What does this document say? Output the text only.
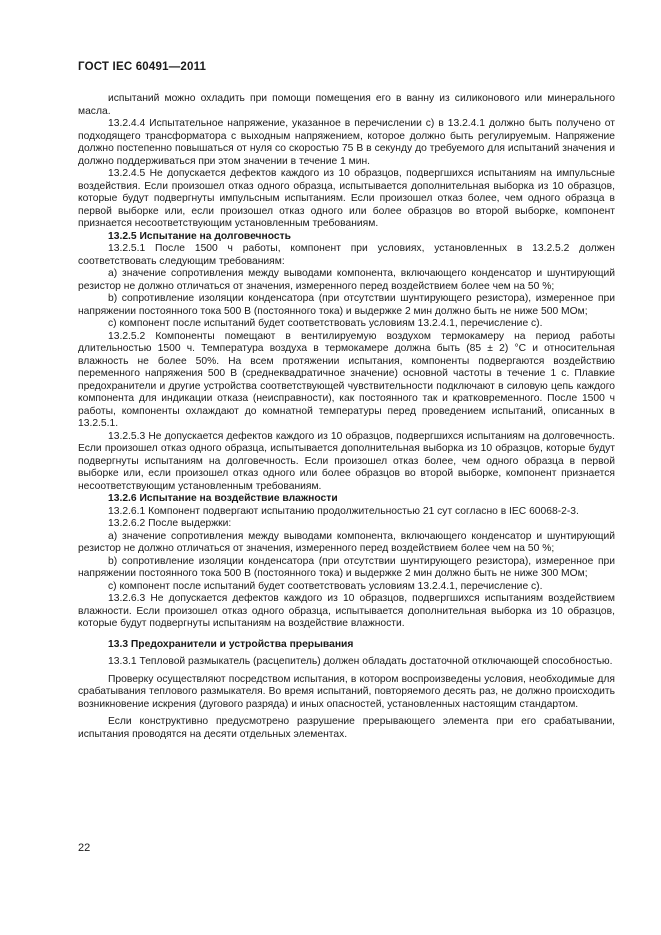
ГОСТ IEC 60491—2011

испытаний можно охладить при помощи помещения его в ванну из силиконового или минерального масла.

13.2.4.4 Испытательное напряжение, указанное в перечислении с) в 13.2.4.1 должно быть получено от подходящего трансформатора с выходным напряжением, которое должно быть регулируемым. Напряжение должно постепенно повышаться от нуля со скоростью 75 В в секунду до требуемого для испытаний значения и должно поддерживаться при этом значении в течение 1 мин.

13.2.4.5 Не допускается дефектов каждого из 10 образцов, подвергшихся испытаниям на импульсные воздействия. Если произошел отказ одного образца, испытывается дополнительная выборка из 10 образцов, которые будут подвергнуты импульсным испытаниям. Если произошел отказ более, чем одного образца в первой выборке или, если произошел отказ одного или более образцов во второй выборке, компонент признается несоответствующим установленным требованиям.

13.2.5 Испытание на долговечность

13.2.5.1 После 1500 ч работы, компонент при условиях, установленных в 13.2.5.2 должен соответствовать следующим требованиям:

а) значение сопротивления между выводами компонента, включающего конденсатор и шунтирующий резистор не должно отличаться от значения, измеренного перед воздействием более чем на 50 %;

b) сопротивление изоляции конденсатора (при отсутствии шунтирующего резистора), измеренное при напряжении постоянного тока 500 В (постоянного тока) и выдержке 2 мин должно быть не ниже 500 МОм;

с) компонент после испытаний будет соответствовать условиям 13.2.4.1, перечисление с).

13.2.5.2 Компоненты помещают в вентилируемую воздухом термокамеру на период работы длительностью 1500 ч. Температура воздуха в термокамере должна быть (85 ± 2) °С и относительная влажность не более 50%. На всем протяжении испытания, компоненты подвергаются воздействию переменного напряжения 500 В (среднеквадратичное значение) основной частоты в течение 1 с. Плавкие предохранители и другие устройства соответствующей чувствительности подключают в силовую цепь каждого компонента для индикации отказа (неисправности), как постоянного так и кратковременного. После 1500 ч работы, компоненты охлаждают до комнатной температуры перед проведением испытаний, описанных в 13.2.5.1.

13.2.5.3 Не допускается дефектов каждого из 10 образцов, подвергшихся испытаниям на долговечность. Если произошел отказ одного образца, испытывается дополнительная выборка из 10 образцов, которые будут подвергнуты испытаниям на долговечность. Если произошел отказ более, чем одного образца в первой выборке или, если произошел отказ одного или более образцов во второй выборке, компонент признается несоответствующим установленным требованиям.

13.2.6 Испытание на воздействие влажности

13.2.6.1 Компонент подвергают испытанию продолжительностью 21 сут согласно в IEC 60068-2-3.

13.2.6.2 После выдержки:

а) значение сопротивления между выводами компонента, включающего конденсатор и шунтирующий резистор не должно отличаться от значения, измеренного перед воздействием более чем на 50 %;

b) сопротивление изоляции конденсатора (при отсутствии шунтирующего резистора), измеренное при напряжении постоянного тока 500 В (постоянного тока) и выдержке 2 мин должно быть не ниже 300 МОм;

с) компонент после испытаний будет соответствовать условиям 13.2.4.1, перечисление с).

13.2.6.3 Не допускается дефектов каждого из 10 образцов, подвергшихся испытаниям воздействием влажности. Если произошел отказ одного образца, испытывается дополнительная выборка из 10 образцов, которые будут подвергнуты испытаниям на воздействие влажности.

13.3 Предохранители и устройства прерывания

13.3.1 Тепловой размыкатель (расцепитель) должен обладать достаточной отключающей способностью.

Проверку осуществляют посредством испытания, в котором воспроизведены условия, необходимые для срабатывания теплового размыкателя. Во время испытаний, повторяемого десять раз, не должно происходить возникновение искрения (дугового разряда) и иных опасностей, установленных настоящим стандартом.

Если конструктивно предусмотрено разрушение прерывающего элемента при его срабатывании, испытания проводятся на десяти отдельных элементах.

22
